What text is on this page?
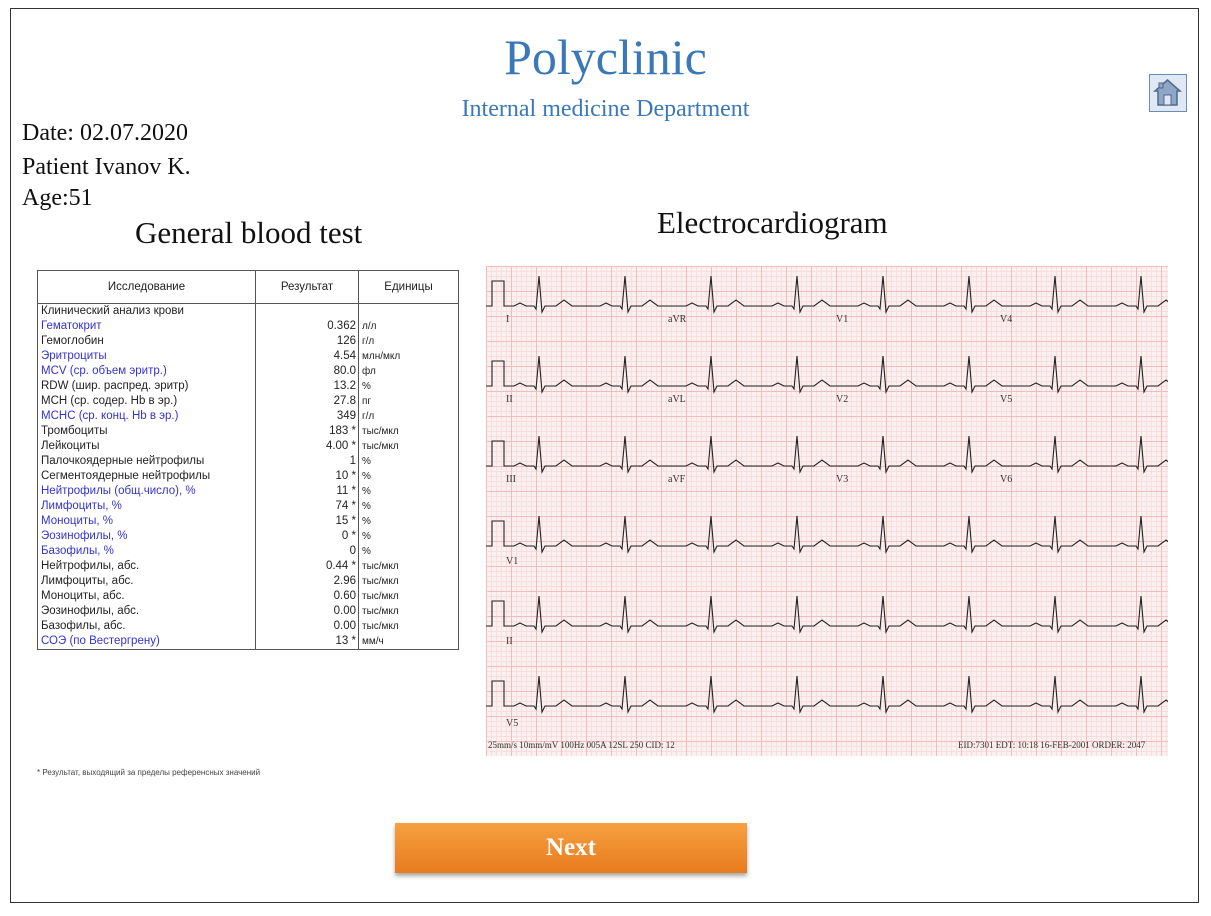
Polyclinic
Internal medicine Department
Date: 02.07.2020
Patient Ivanov K.
Age:51
General blood test	Electrocardiogram
Исследование	Результат	Единицы
Клинический анализ крови		
Гематокрит	0.362	л/л
Гемоглобин	126	г/л
Эритроциты	4.54	млн/мкл
MCV (ср. объем эритр.)	80.0	фл
RDW (шир. распред. эритр)	13.2	%
MCH (ср. содер. Hb в эр.)	27.8	пг
MCHC (ср. конц. Hb в эр.)	349	г/л
Тромбоциты	183 *	тыс/мкл
Лейкоциты	4.00 *	тыс/мкл
Палочкоядерные нейтрофилы	1	%
Сегментоядерные нейтрофилы	10 *	%
Нейтрофилы (общ.число), %	11 *	%
Лимфоциты, %	74 *	%
Моноциты, %	15 *	%
Эозинофилы, %	0 *	%
Базофилы, %	0	%
Нейтрофилы, абс.	0.44 *	тыс/мкл
Лимфоциты, абс.	2.96	тыс/мкл
Моноциты, абс.	0.60	тыс/мкл
Эозинофилы, абс.	0.00	тыс/мкл
Базофилы, абс.	0.00	тыс/мкл
СОЭ (по Вестергрену)	13 *	мм/ч
* Результат, выходящий за пределы референсных значений
I	aVR	V1	V4
II	aVL	V2	V5
III	aVF	V3	V6
V1
II
V5
25mm/s 10mm/mV 100Hz 005A 12SL 250 CID: 12	EID:7301 EDT: 10:18 16-FEB-2001 ORDER: 2047
Next
